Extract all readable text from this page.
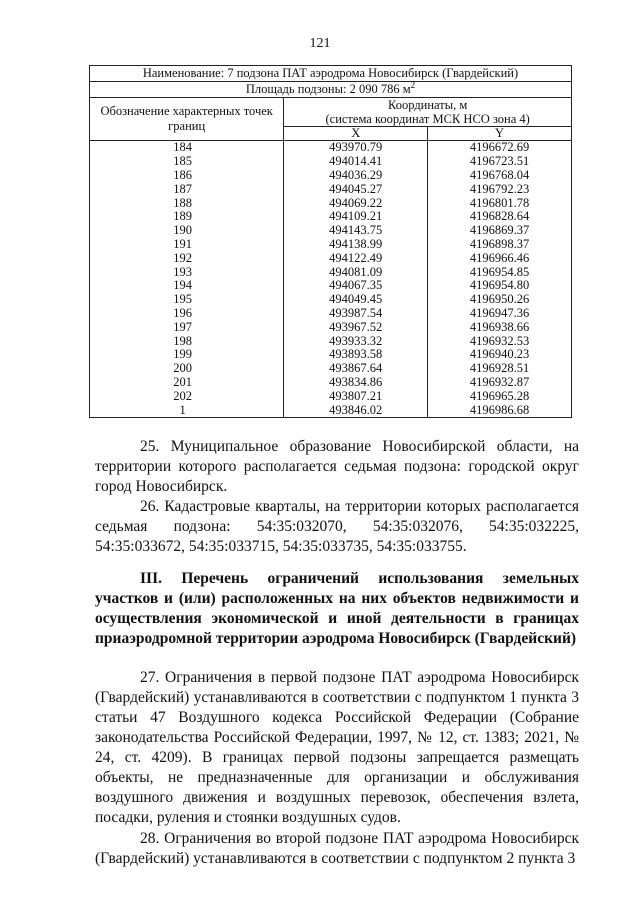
121
Наименование: 7 подзона ПАТ аэродрома Новосибирск (Гвардейский)		
Площадь подзоны: 2 090 786 $м^2$
Обозначение характерных точек границ	Координаты, м
(система координат МСК НСО зона 4)	

	X	Y
184	493970.79	4196672.69
185	494014.41	4196723.51
186	494036.29	4196768.04
187	494045.27	4196792.23
188	494069.22	4196801.78
189	494109.21	4196828.64
190	494143.75	4196869.37
191	494138.99	4196898.37
192	494122.49	4196966.46
193	494081.09	4196954.85
194	494067.35	4196954.80
195	494049.45	4196950.26
196	493987.54	4196947.36
197	493967.52	4196938.66
198	493933.32	4196932.53
199	493893.58	4196940.23
200	493867.64	4196928.51
201	493834.86	4196932.87
202	493807.21	4196965.28
1	493846.02	4196986.68
25. Муниципальное образование Новосибирской области, на территории которого располагается седьмая подзона: городской округ город Новосибирск.
26. Кадастровые кварталы, на территории которых располагается седьмая подзона: 54:35:032070, 54:35:032076, 54:35:032225, 54:35:033672, 54:35:033715, 54:35:033735, 54:35:033755.
III. Перечень ограничений использования земельных участков и (или) расположенных на них объектов недвижимости и осуществления экономической и иной деятельности в границах приаэродромной территории аэродрома Новосибирск (Гвардейский)
27. Ограничения в первой подзоне ПАТ аэродрома Новосибирск (Гвардейский) устанавливаются в соответствии с подпунктом 1 пункта 3 статьи 47 Воздушного кодекса Российской Федерации (Собрание законодательства Российской Федерации, 1997, № 12, ст. 1383; 2021, № 24, ст. 4209). В границах первой подзоны запрещается размещать объекты, не предназначенные для организации и обслуживания воздушного движения и воздушных перевозок, обеспечения взлета, посадки, руления и стоянки воздушных судов.
28. Ограничения во второй подзоне ПАТ аэродрома Новосибирск (Гвардейский) устанавливаются в соответствии с подпунктом 2 пункта 3
